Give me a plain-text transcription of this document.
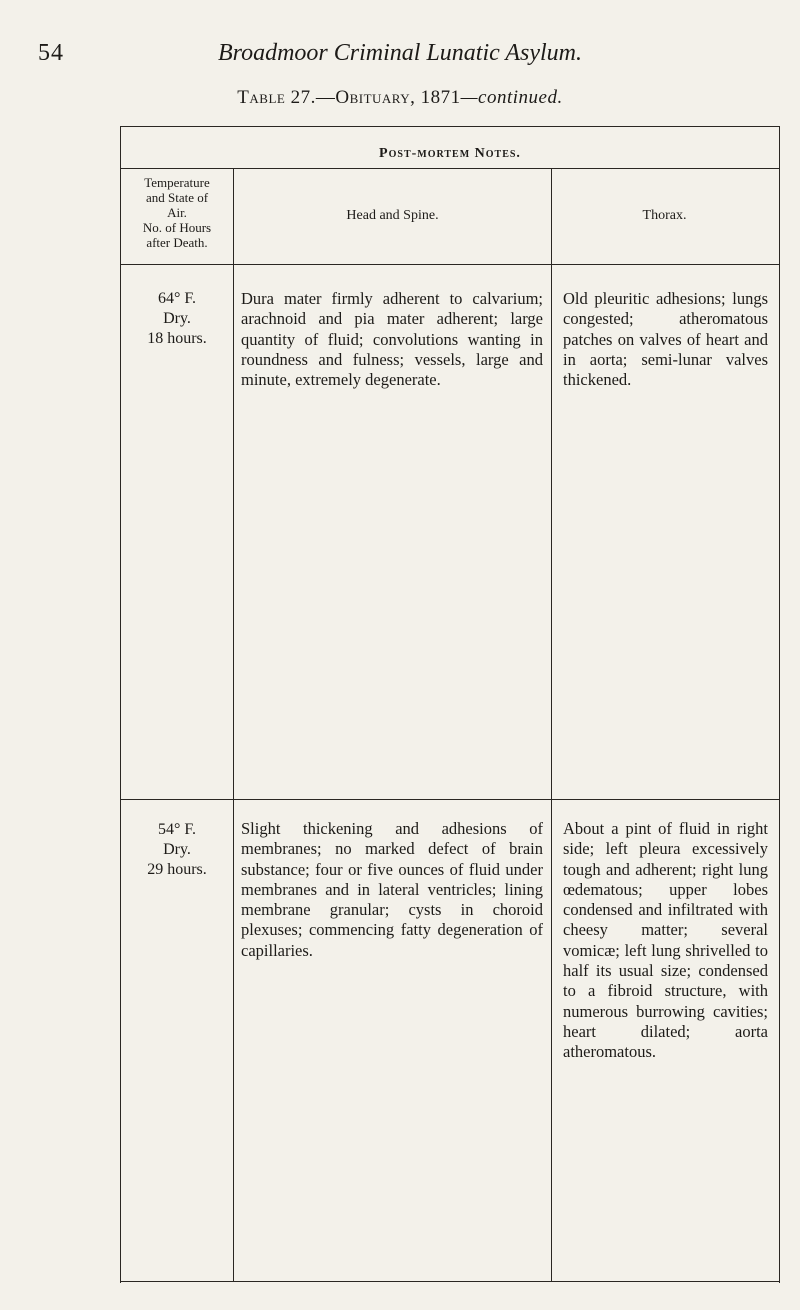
54	Broadmoor Criminal Lunatic Asylum.
Table 27.—Obituary, 1871—continued.
Post-mortem Notes.
Temperature
and State of
Air.
No. of Hours
after Death.
Head and Spine.	Thorax.
64° F.
Dry.
18 hours.
Dura mater firmly adherent to calvarium; arachnoid and pia mater adherent; large quantity of fluid; convolutions wanting in roundness and fulness; vessels, large and minute, extremely degenerate.
Old pleuritic adhesions; lungs congested; atheromatous patches on valves of heart and in aorta; semi-lunar valves thickened.
54° F.
Dry.
29 hours.
Slight thickening and adhesions of membranes; no marked defect of brain substance; four or five ounces of fluid under membranes and in lateral ventricles; lining membrane granular; cysts in choroid plexuses; commencing fatty degeneration of capillaries.
About a pint of fluid in right side; left pleura excessively tough and adherent; right lung œdematous; upper lobes condensed and infiltrated with cheesy matter; several vomicæ; left lung shrivelled to half its usual size; condensed to a fibroid structure, with numerous burrowing cavities; heart dilated; aorta atheromatous.
